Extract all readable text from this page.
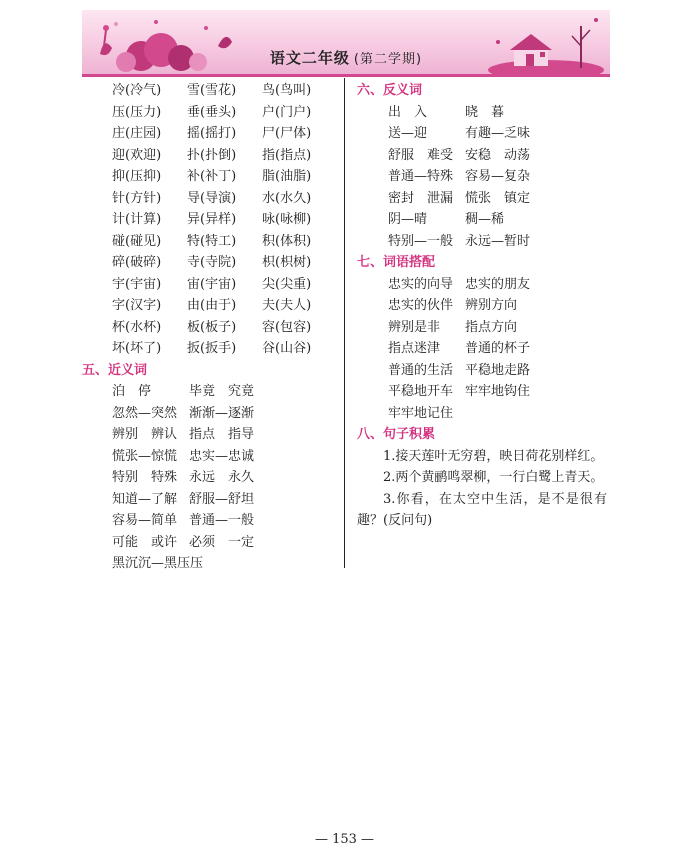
语文二年级 (第二学期)
冷(冷气) 雪(雪花) 鸟(鸟叫)
压(压力) 垂(垂头) 户(门户)
庄(庄园) 摇(摇打) 尸(尸体)
迎(欢迎) 扑(扑倒) 指(指点)
抑(压抑) 补(补丁) 脂(油脂)
针(方针) 导(导演) 水(水久)
计(计算) 异(异样) 咏(咏柳)
碰(碰见) 特(特工) 积(体积)
碎(破碎) 寺(寺院) 枳(枳树)
宇(宇宙) 宙(宇宙) 尖(尖重)
字(汉字) 由(由于) 夫(夫人)
杯(水杯) 板(板子) 容(包容)
坏(坏了) 扳(扳手) 谷(山谷)
五、近义词
泊　停	毕竟　究竟
忽然—突然 渐渐—逐渐
辨别　辨认 指点　指导
慌张—惊慌 忠实—忠诚
特别　特殊 永远　永久
知道—了解 舒服—舒坦
容易—简单 普通—一般
可能　或许 必须　一定
黑沉沉—黑压压
六、反义词
出　入	晓　暮
送—迎	有趣—乏味
舒服　难受 安稳　动荡
普通—特殊 容易—复杂
密封　泄漏 慌张　镇定
阴—晴	稠—稀
特别—一般 永远—暂时
七、词语搭配
忠实的向导 忠实的朋友
忠实的伙伴 辨别方向
辨别是非 指点方向
指点迷津 普通的杯子
普通的生活 平稳地走路
平稳地开车 牢牢地钩住
牢牢地记住
八、句子积累
1.接天莲叶无穷碧，映日荷花别样红。
2.两个黄鹂鸣翠柳，一行白鹭上青天。
3.你看，在太空中生活，是不是很有趣？(反问句)
— 153 —
